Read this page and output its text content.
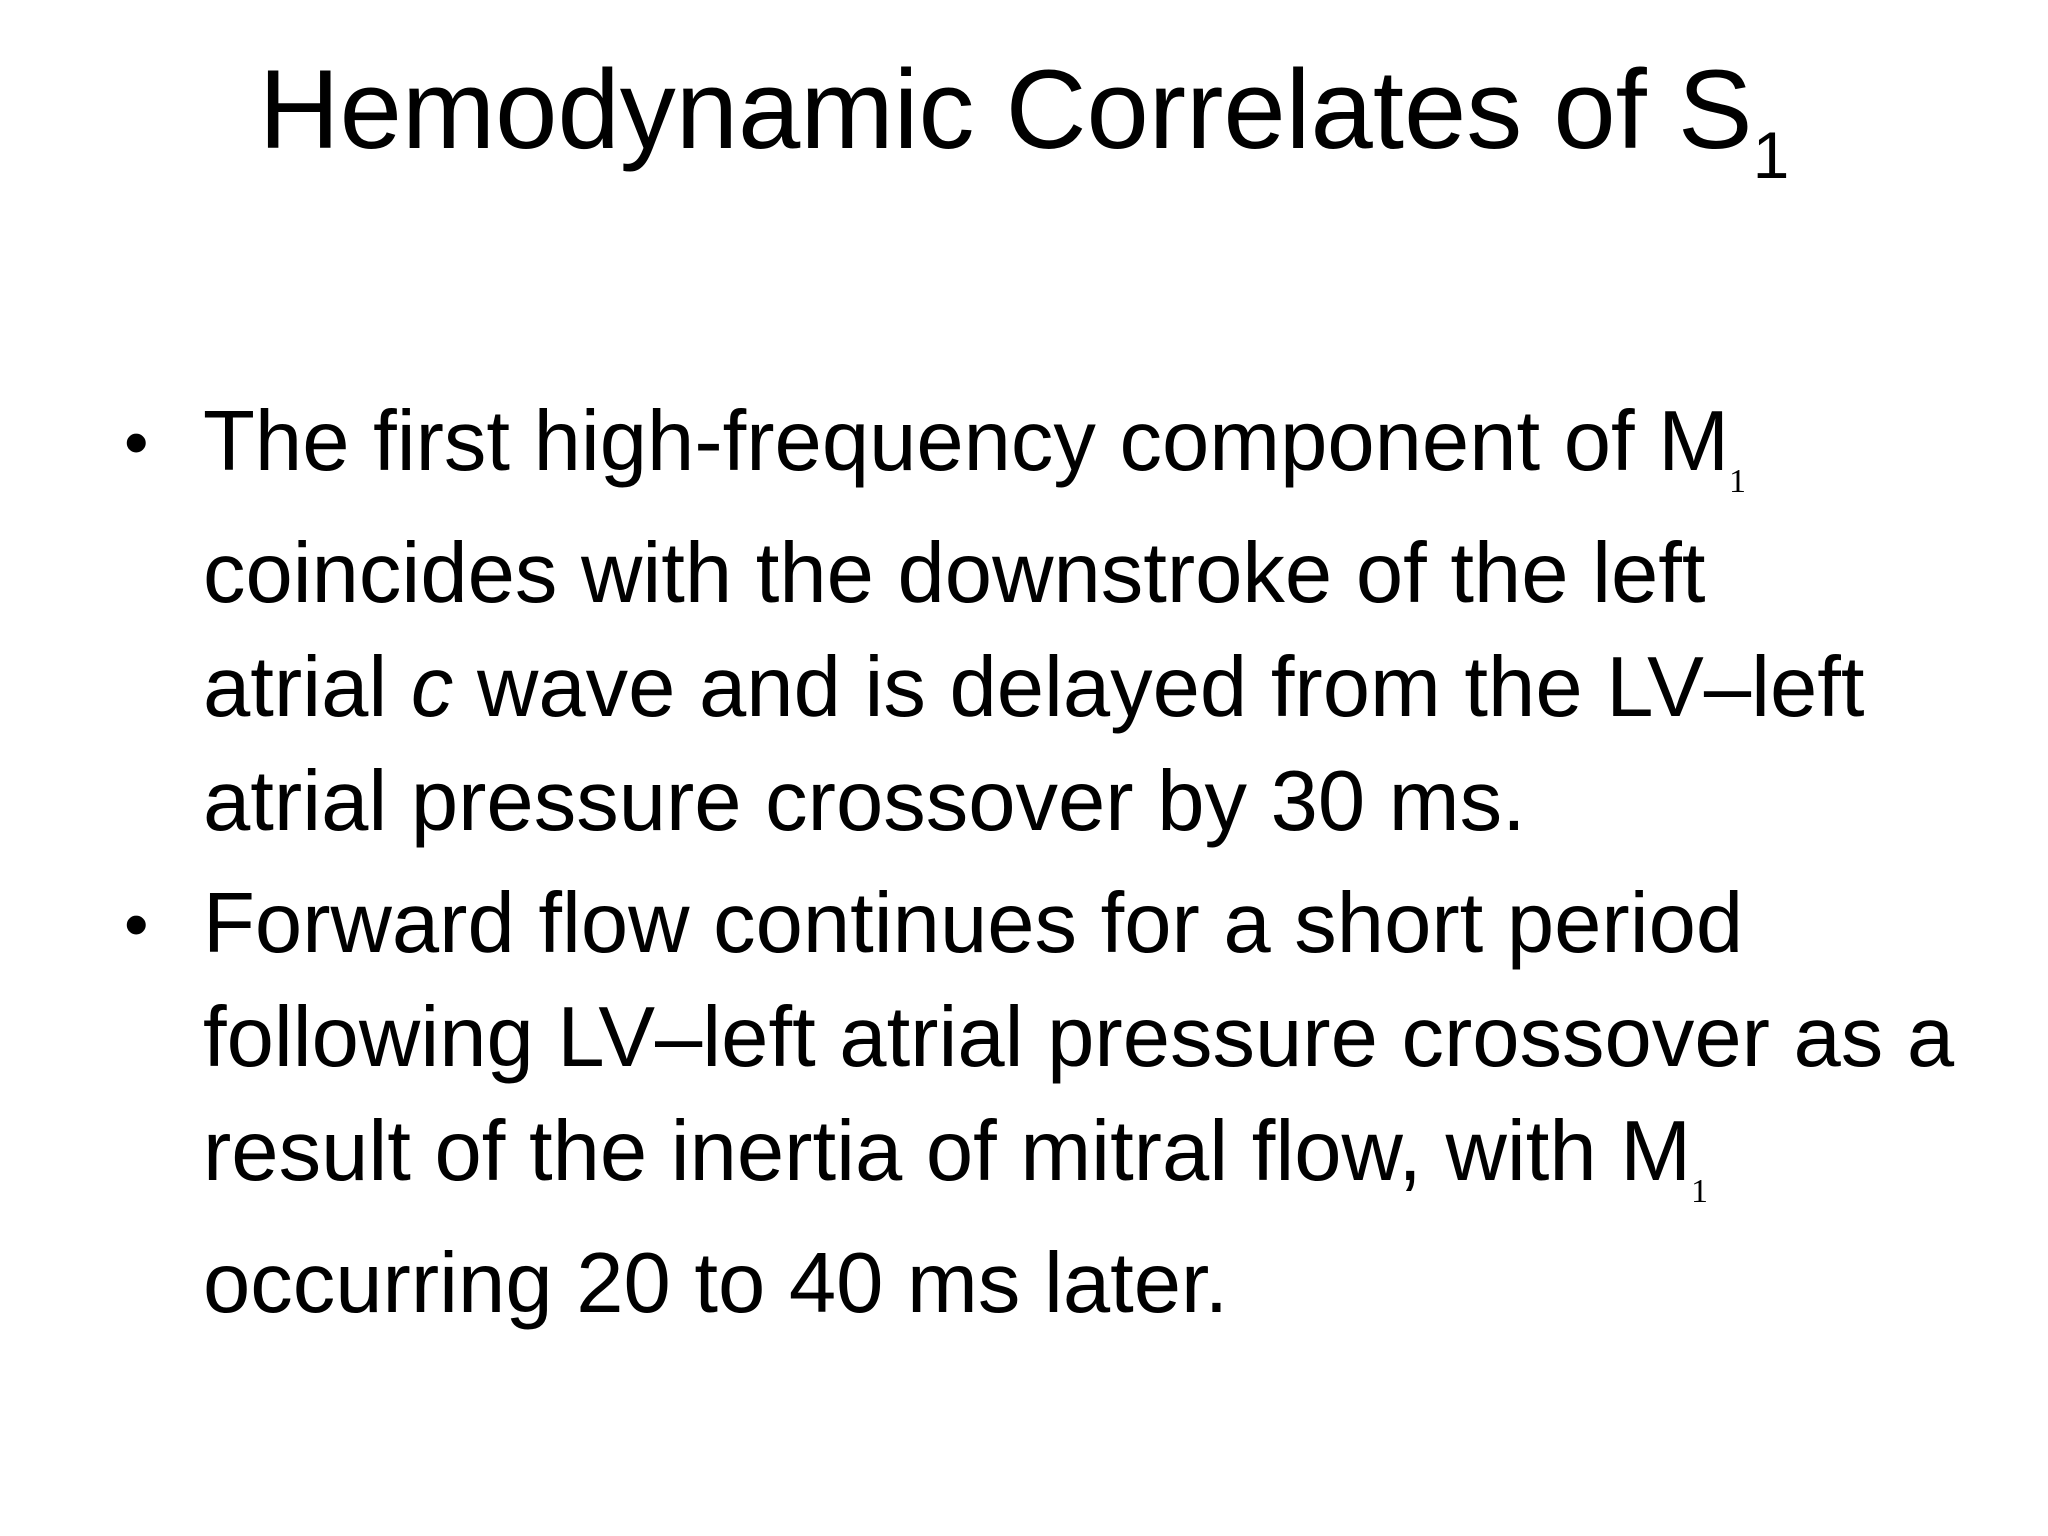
Hemodynamic Correlates of $S_1$
• The first high-frequency component of $M_1$
coincides with the downstroke of the left
atrial c wave and is delayed from the LV–left
atrial pressure crossover by 30 ms.
• Forward flow continues for a short period
following LV–left atrial pressure crossover as a
result of the inertia of mitral flow, with $M_1$
occurring 20 to 40 ms later.
